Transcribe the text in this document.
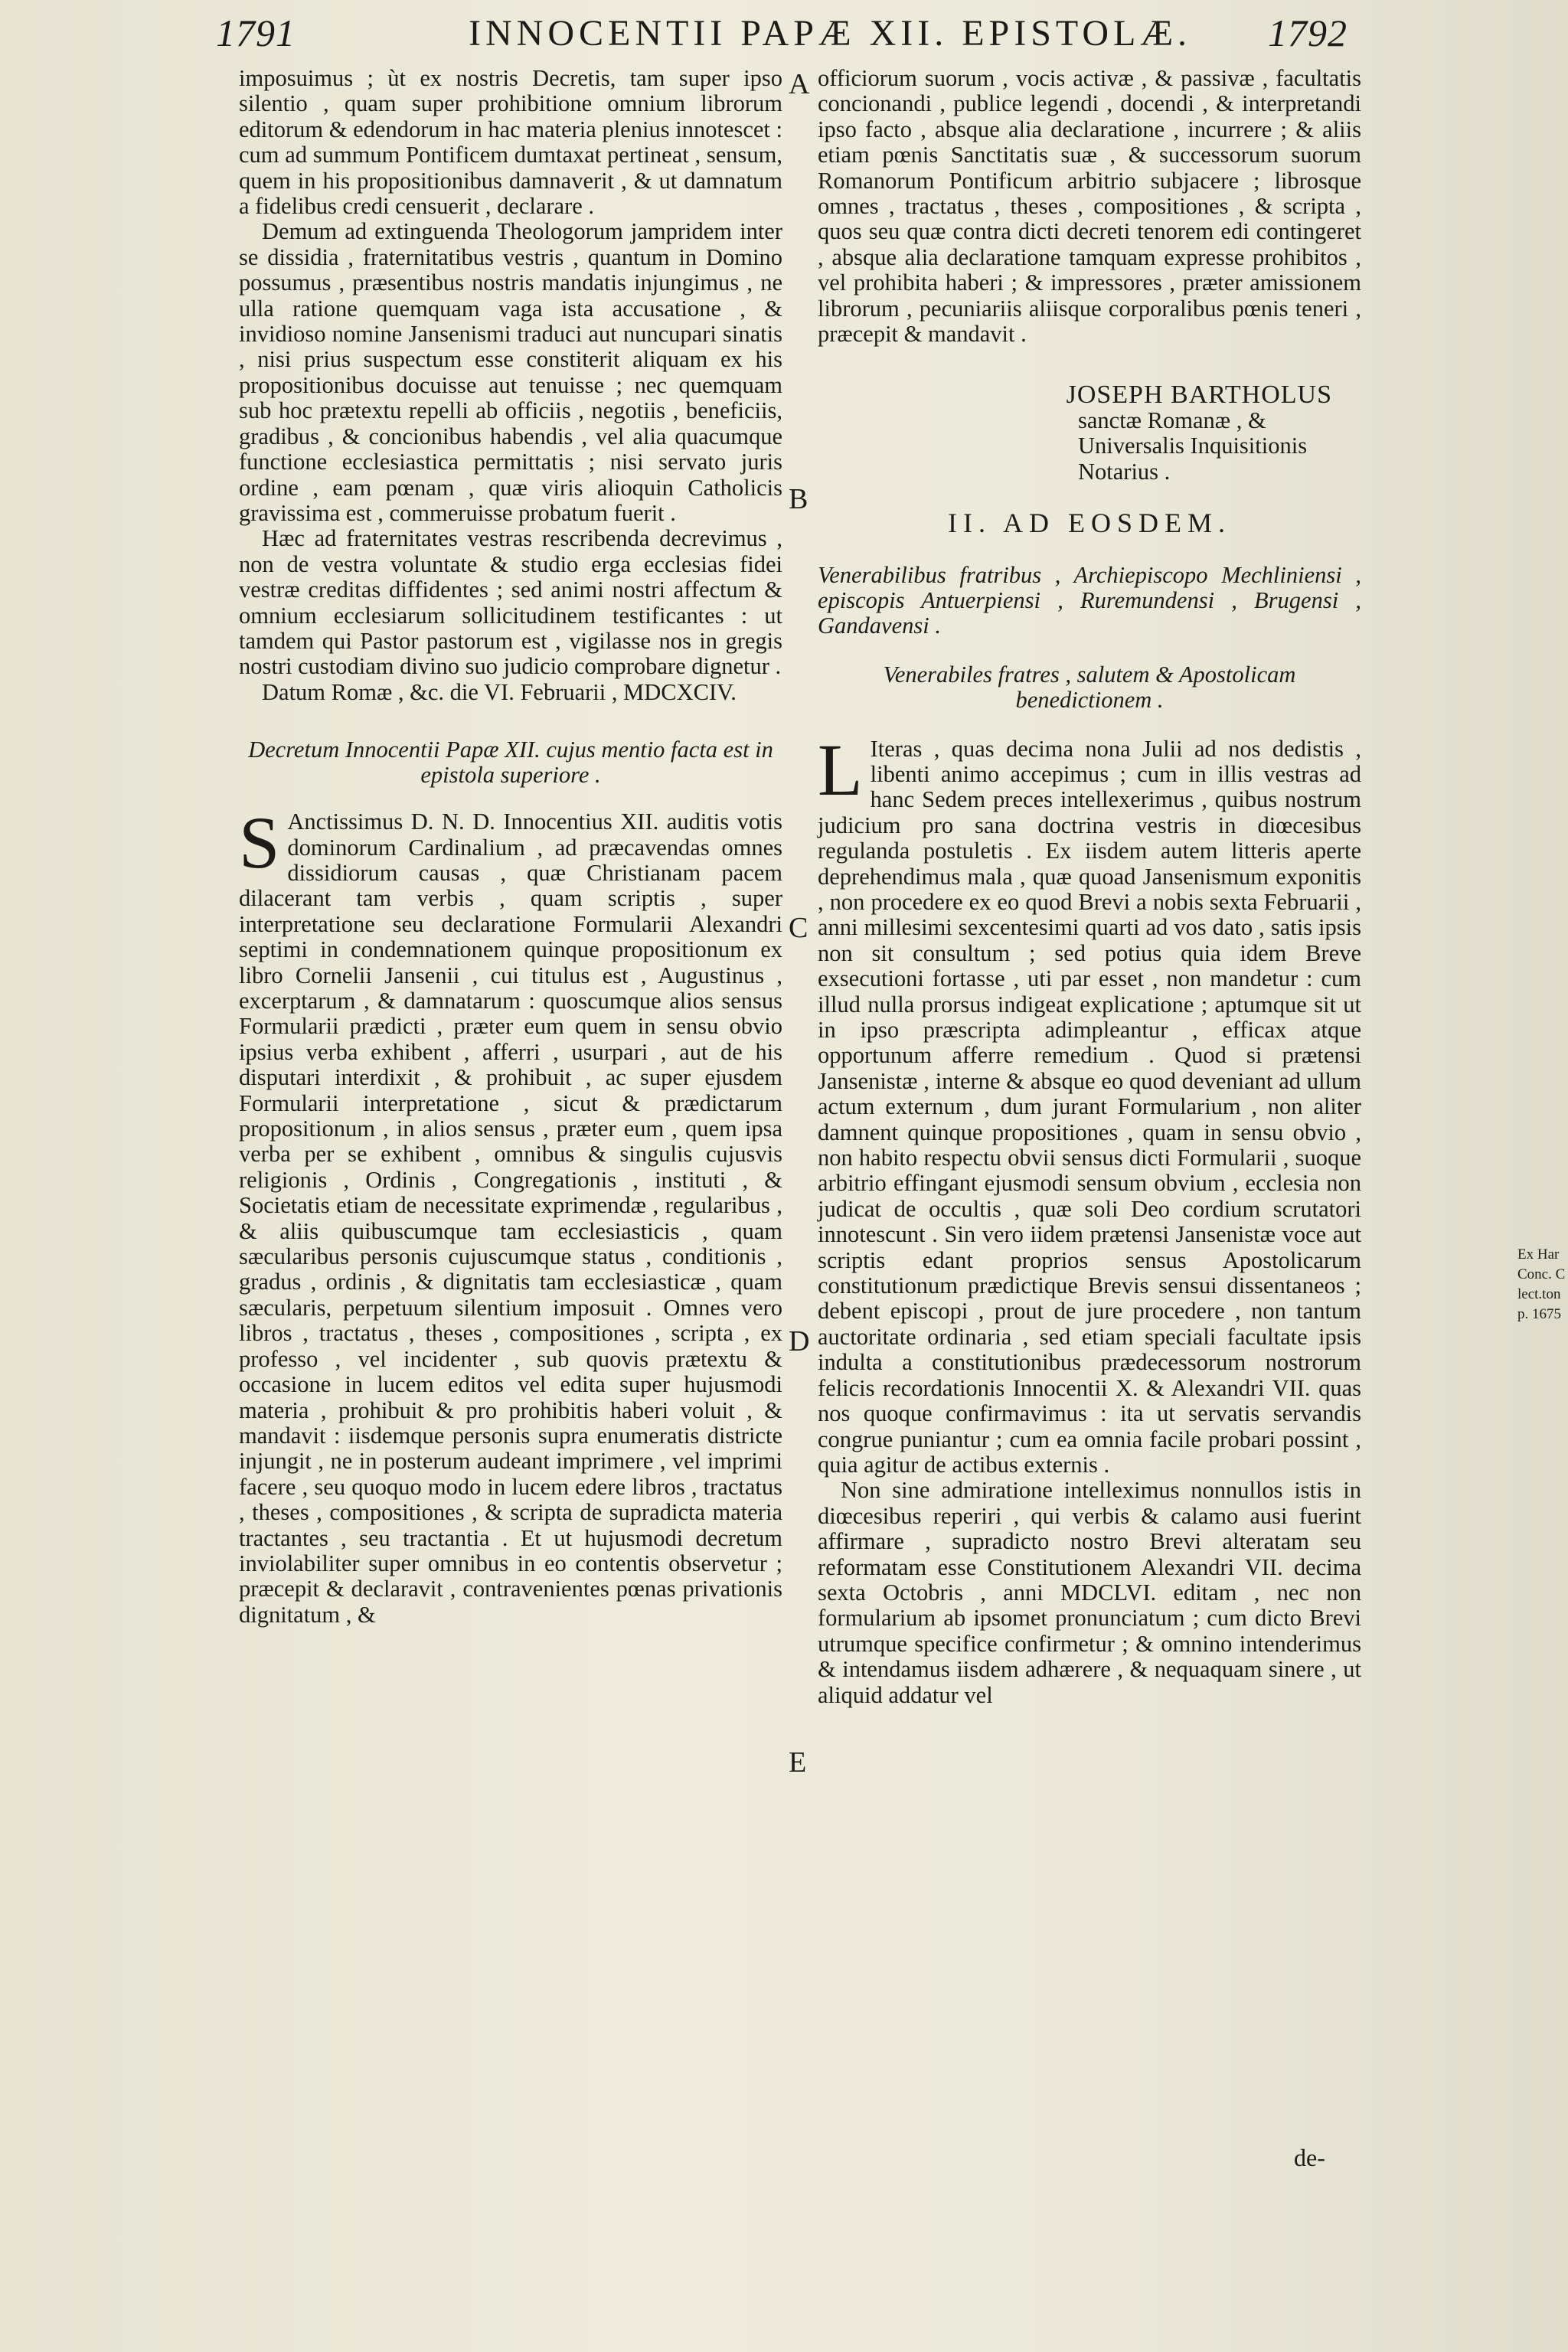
1791	INNOCENTII PAPÆ XII. EPISTOLÆ. 1792

imposuimus ; ùt ex nostris Decretis, tam super ipso silentio , quam super prohibitione omnium librorum editorum & edendorum in hac materia plenius innotescet : cum ad summum Pontificem dumtaxat pertineat , sensum, quem in his propositionibus damnaverit , & ut damnatum a fidelibus credi censuerit , declarare .

Demum ad extinguenda Theologorum jampridem inter se dissidia , fraternitatibus vestris , quantum in Domino possumus , præsentibus nostris mandatis injungimus , ne ulla ratione quemquam vaga ista accusatione , & invidioso nomine Jansenismi traduci aut nuncupari sinatis , nisi prius suspectum esse constiterit aliquam ex his propositionibus docuisse aut tenuisse ; nec quemquam sub hoc prætextu repelli ab officiis , negotiis , beneficiis, gradibus , & concionibus habendis , vel alia quacumque functione ecclesiastica permittatis ; nisi servato juris ordine , eam pœnam , quæ viris alioquin Catholicis gravissima est , commeruisse probatum fuerit .

Hæc ad fraternitates vestras rescribenda decrevimus , non de vestra voluntate & studio erga ecclesias fidei vestræ creditas diffidentes ; sed animi nostri affectum & omnium ecclesiarum sollicitudinem testificantes : ut tamdem qui Pastor pastorum est , vigilasse nos in gregis nostri custodiam divino suo judicio comprobare dignetur .

Datum Romæ , &c. die VI. Februarii , MDCXCIV.

Decretum Innocentii Papæ XII. cujus mentio facta est in epistola superiore .

S Anctissimus D. N. D. Innocentius XII. auditis votis dominorum Cardinalium , ad præcavendas omnes dissidiorum causas , quæ Christianam pacem dilacerant tam verbis , quam scriptis , super interpretatione seu declaratione Formularii Alexandri septimi in condemnationem quinque propositionum ex libro Cornelii Jansenii , cui titulus est , Augustinus , excerptarum , & damnatarum : quoscumque alios sensus Formularii prædicti , præter eum quem in sensu obvio ipsius verba exhibent , afferri , usurpari , aut de his disputari interdixit , & prohibuit , ac super ejusdem Formularii interpretatione , sicut & prædictarum propositionum , in alios sensus , præter eum , quem ipsa verba per se exhibent , omnibus & singulis cujusvis religionis , Ordinis , Congregationis , instituti , & Societatis etiam de necessitate exprimendæ , regularibus , & aliis quibuscumque tam ecclesiasticis , quam sæcularibus personis cujuscumque status , conditionis , gradus , ordinis , & dignitatis tam ecclesiasticæ , quam sæcularis, perpetuum silentium imposuit . Omnes vero libros , tractatus , theses , compositiones , scripta , ex professo , vel incidenter , sub quovis prætextu & occasione in lucem editos vel edita super hujusmodi materia , prohibuit & pro prohibitis haberi voluit , & mandavit : iisdemque personis supra enumeratis districte injungit , ne in posterum audeant imprimere , vel imprimi facere , seu quoquo modo in lucem edere libros , tractatus , theses , compositiones , & scripta de supradicta materia tractantes , seu tractantia . Et ut hujusmodi decretum inviolabiliter super omnibus in eo contentis observetur ; præcepit & declaravit , contravenientes pœnas privationis dignitatum , &

officiorum suorum , vocis activæ , & passivæ , facultatis concionandi , publice legendi , docendi , & interpretandi ipso facto , absque alia declaratione , incurrere ; & aliis etiam pœnis Sanctitatis suæ , & successorum suorum Romanorum Pontificum arbitrio subjacere ; librosque omnes , tractatus , theses , compositiones , & scripta , quos seu quæ contra dicti decreti tenorem edi contingeret , absque alia declaratione tamquam expresse prohibitos , vel prohibita haberi ; & impressores , præter amissionem librorum , pecuniariis aliisque corporalibus pœnis teneri , præcepit & mandavit .

JOSEPH BARTHOLUS

sanctæ Romanæ , & Universalis Inquisitionis Notarius .

II. AD EOSDEM.

Venerabilibus fratribus , Archiepiscopo Mechliniensi , episcopis Antuerpiensi , Ruremundensi , Brugensi , Gandavensi .

Venerabiles fratres , salutem & Apostolicam benedictionem .

L Iteras , quas decima nona Julii ad nos dedistis , libenti animo accepimus ; cum in illis vestras ad hanc Sedem preces intellexerimus , quibus nostrum judicium pro sana doctrina vestris in diœcesibus regulanda postuletis . Ex iisdem autem litteris aperte deprehendimus mala , quæ quoad Jansenismum exponitis , non procedere ex eo quod Brevi a nobis sexta Februarii , anni millesimi sexcentesimi quarti ad vos dato , satis ipsis non sit consultum ; sed potius quia idem Breve exsecutioni fortasse , uti par esset , non mandetur : cum illud nulla prorsus indigeat explicatione ; aptumque sit ut in ipso præscripta adimpleantur , efficax atque opportunum afferre remedium . Quod si prætensi Jansenistæ , interne & absque eo quod deveniant ad ullum actum externum , dum jurant Formularium , non aliter damnent quinque propositiones , quam in sensu obvio , non habito respectu obvii sensus dicti Formularii , suoque arbitrio effingant ejusmodi sensum obvium , ecclesia non judicat de occultis , quæ soli Deo cordium scrutatori innotescunt . Sin vero iidem prætensi Jansenistæ voce aut scriptis edant proprios sensus Apostolicarum constitutionum prædictique Brevis sensui dissentaneos ; debent episcopi , prout de jure procedere , non tantum auctoritate ordinaria , sed etiam speciali facultate ipsis indulta a constitutionibus prædecessorum nostrorum felicis recordationis Innocentii X. & Alexandri VII. quas nos quoque confirmavimus : ita ut servatis servandis congrue puniantur ; cum ea omnia facile probari possint , quia agitur de actibus externis .

Non sine admiratione intelleximus nonnullos istis in diœcesibus reperiri , qui verbis & calamo ausi fuerint affirmare , supradicto nostro Brevi alteratam seu reformatam esse Constitutionem Alexandri VII. decima sexta Octobris , anni MDCLVI. editam , nec non formularium ab ipsomet pronunciatum ; cum dicto Brevi utrumque specifice confirmetur ; & omnino intenderimus & intendamus iisdem adhærere , & nequaquam sinere , ut aliquid addatur vel

de-
A
B
C
D
E
Ex Har
Conc. C
lect.ton
p. 1675
